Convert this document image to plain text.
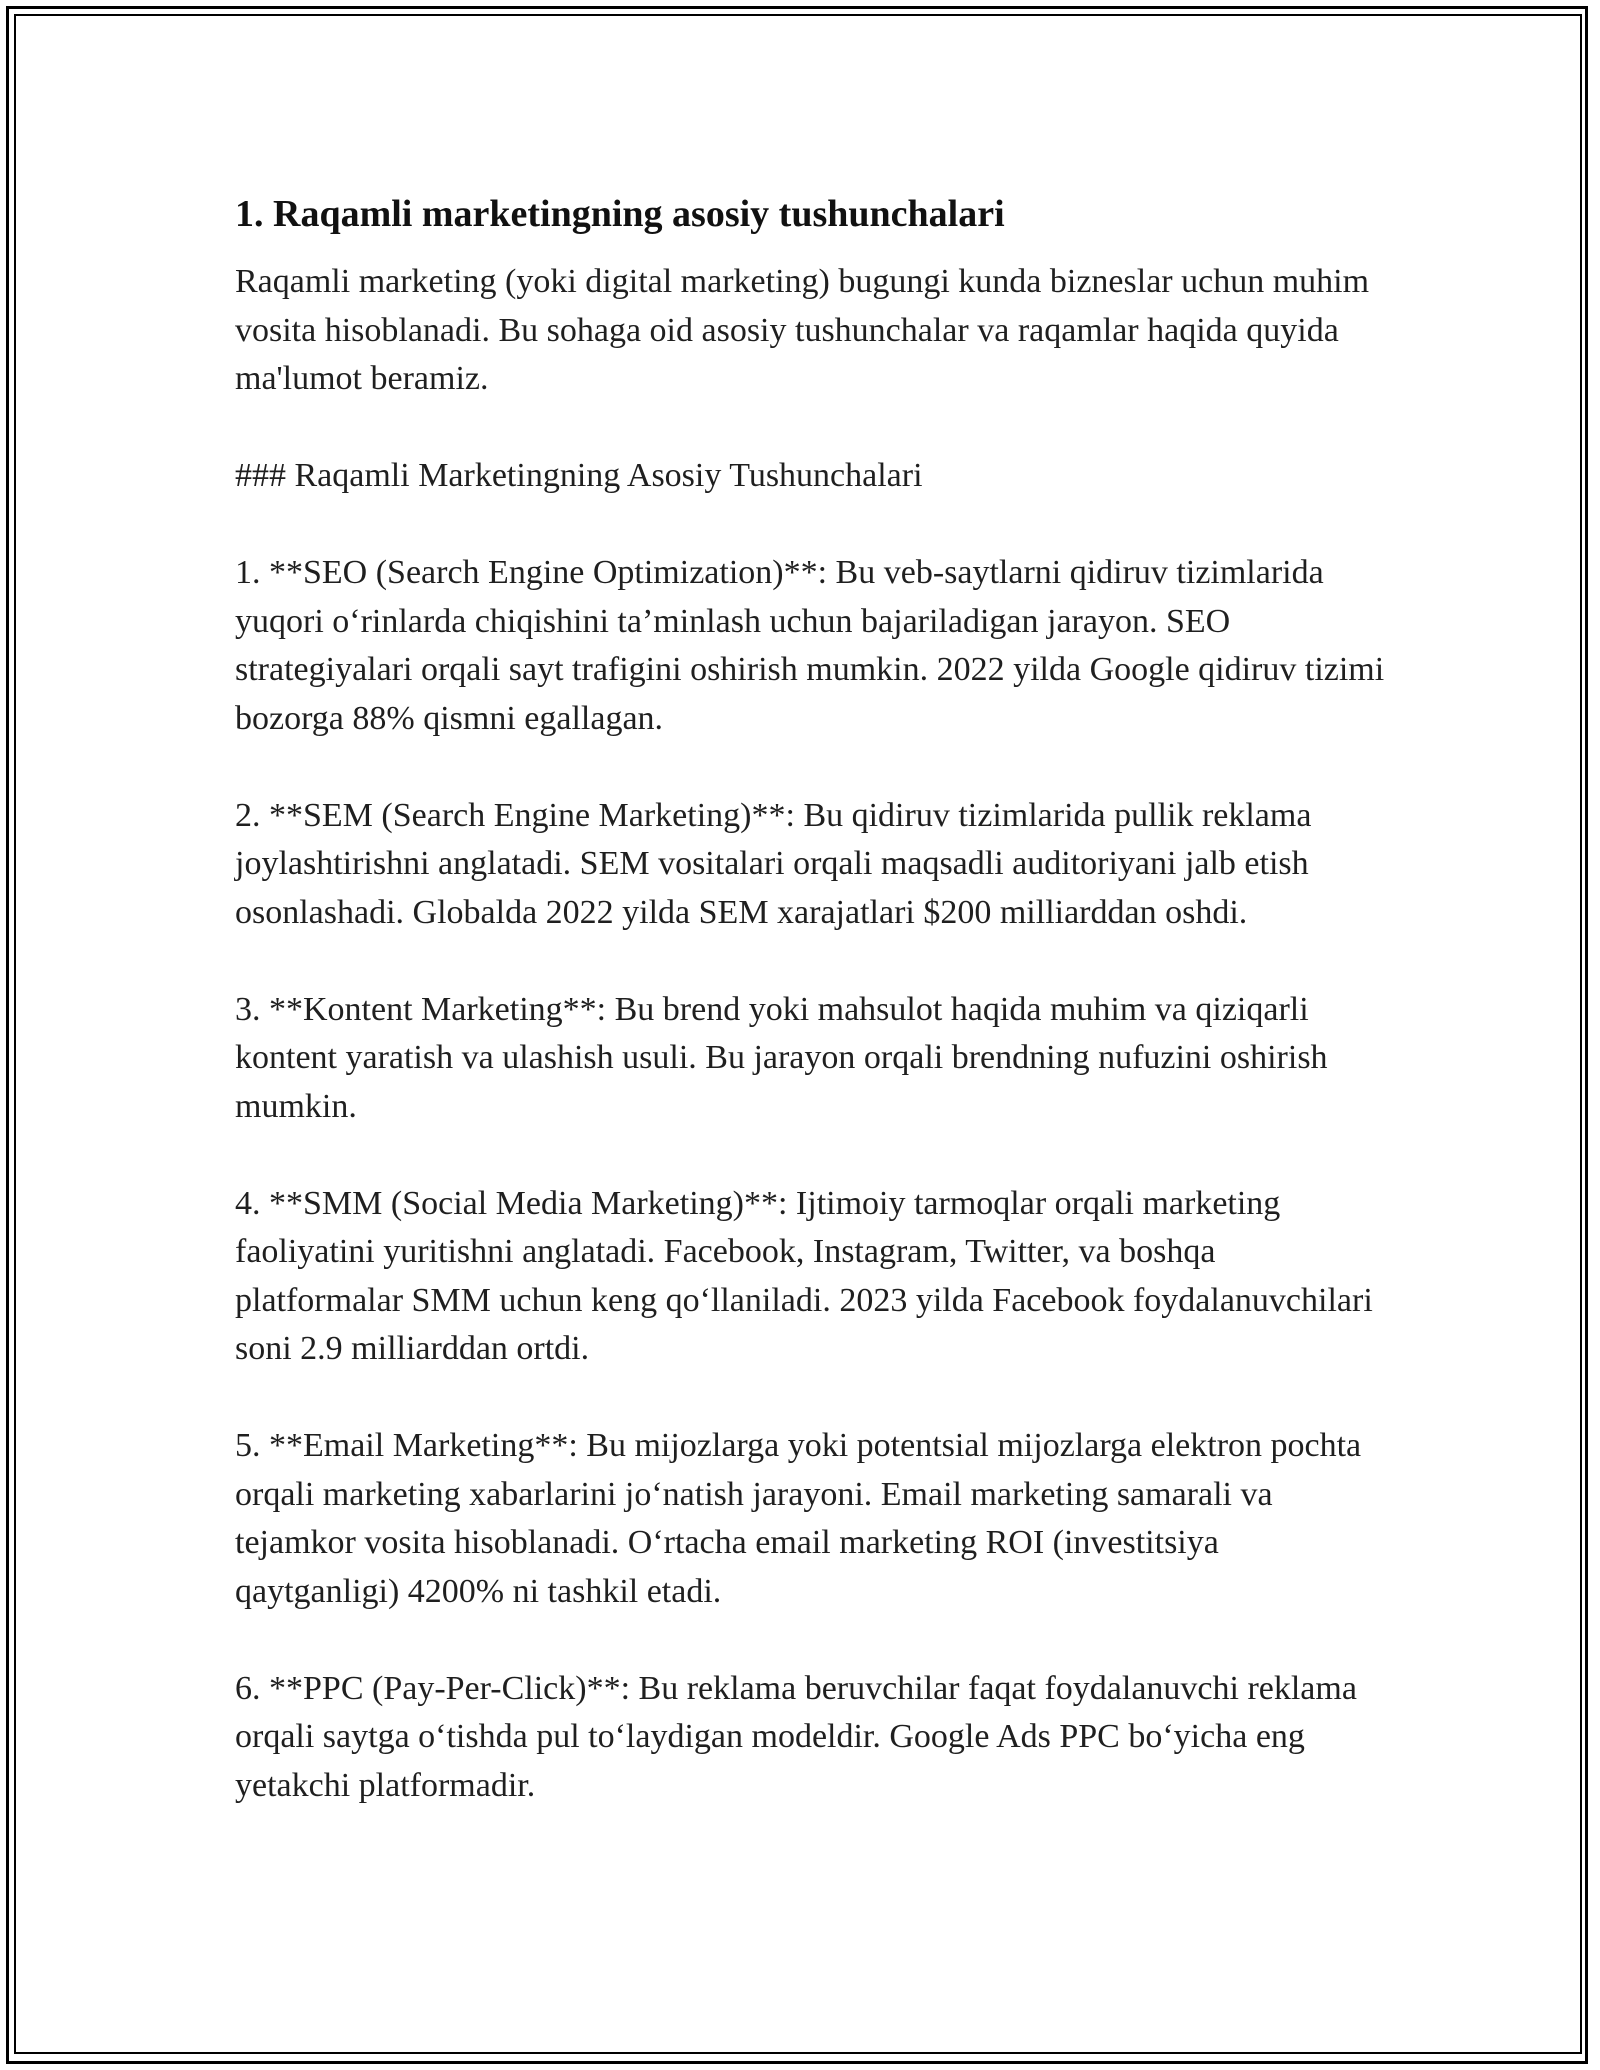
1. Raqamli marketingning asosiy tushunchalari

Raqamli marketing (yoki digital marketing) bugungi kunda bizneslar uchun muhim vosita hisoblanadi. Bu sohaga oid asosiy tushunchalar va raqamlar haqida quyida ma'lumot beramiz.

### Raqamli Marketingning Asosiy Tushunchalari

1. **SEO (Search Engine Optimization)**: Bu veb-saytlarni qidiruv tizimlarida yuqori o‘rinlarda chiqishini ta’minlash uchun bajariladigan jarayon. SEO strategiyalari orqali sayt trafigini oshirish mumkin. 2022 yilda Google qidiruv tizimi bozorga 88% qismni egallagan.

2. **SEM (Search Engine Marketing)**: Bu qidiruv tizimlarida pullik reklama joylashtirishni anglatadi. SEM vositalari orqali maqsadli auditoriyani jalb etish osonlashadi. Globalda 2022 yilda SEM xarajatlari $200 milliarddan oshdi.

3. **Kontent Marketing**: Bu brend yoki mahsulot haqida muhim va qiziqarli kontent yaratish va ulashish usuli. Bu jarayon orqali brendning nufuzini oshirish mumkin.

4. **SMM (Social Media Marketing)**: Ijtimoiy tarmoqlar orqali marketing faoliyatini yuritishni anglatadi. Facebook, Instagram, Twitter, va boshqa platformalar SMM uchun keng qo‘llaniladi. 2023 yilda Facebook foydalanuvchilari soni 2.9 milliarddan ortdi.

5. **Email Marketing**: Bu mijozlarga yoki potentsial mijozlarga elektron pochta orqali marketing xabarlarini jo‘natish jarayoni. Email marketing samarali va tejamkor vosita hisoblanadi. O‘rtacha email marketing ROI (investitsiya qaytganligi) 4200% ni tashkil etadi.

6. **PPC (Pay-Per-Click)**: Bu reklama beruvchilar faqat foydalanuvchi reklama orqali saytga o‘tishda pul to‘laydigan modeldir. Google Ads PPC bo‘yicha eng yetakchi platformadir.
